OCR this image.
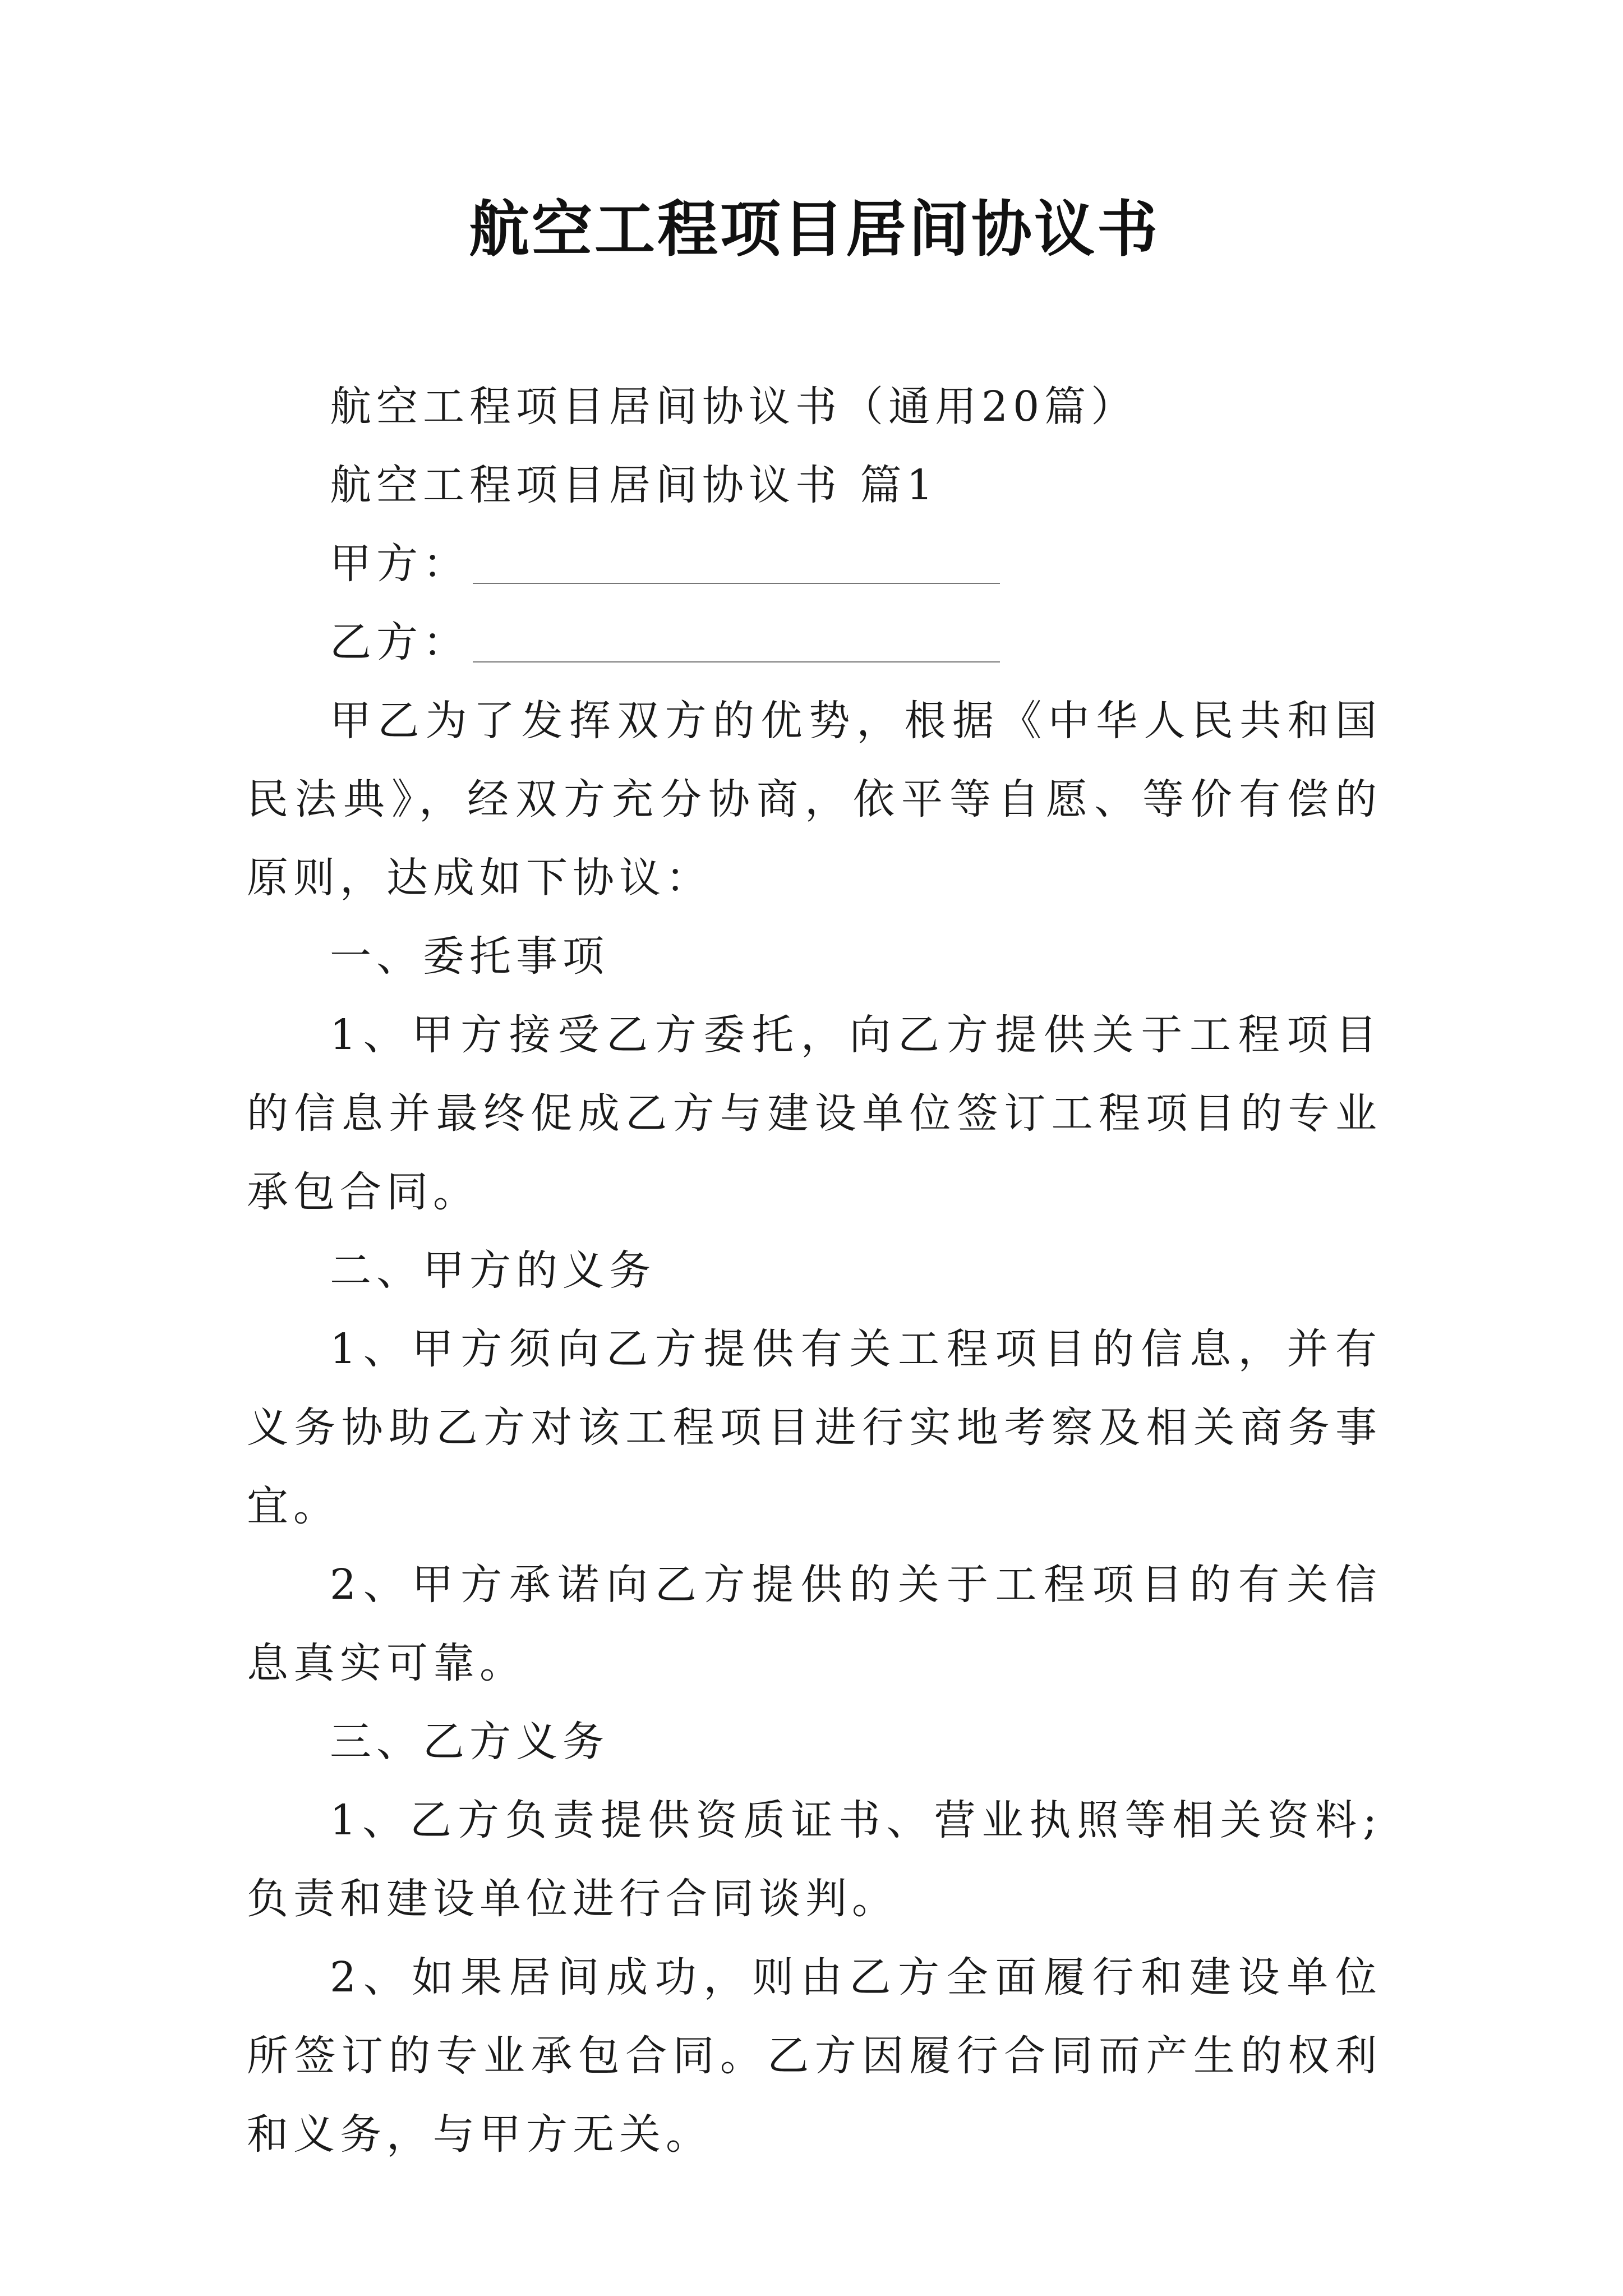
航空工程项目居间协议书

航空工程项目居间协议书（通用20篇）

航空工程项目居间协议书 篇1

甲方：
乙方：

甲乙为了发挥双方的优势，根据《中华人民共和国民法典》，经双方充分协商，依平等自愿、等价有偿的原则，达成如下协议：

一、委托事项

1、甲方接受乙方委托，向乙方提供关于工程项目的信息并最终促成乙方与建设单位签订工程项目的专业承包合同。

二、甲方的义务

1、甲方须向乙方提供有关工程项目的信息，并有义务协助乙方对该工程项目进行实地考察及相关商务事宜。

2、甲方承诺向乙方提供的关于工程项目的有关信息真实可靠。

三、乙方义务

1、乙方负责提供资质证书、营业执照等相关资料;负责和建设单位进行合同谈判。

2、如果居间成功，则由乙方全面履行和建设单位所签订的专业承包合同。乙方因履行合同而产生的权利和义务，与甲方无关。
